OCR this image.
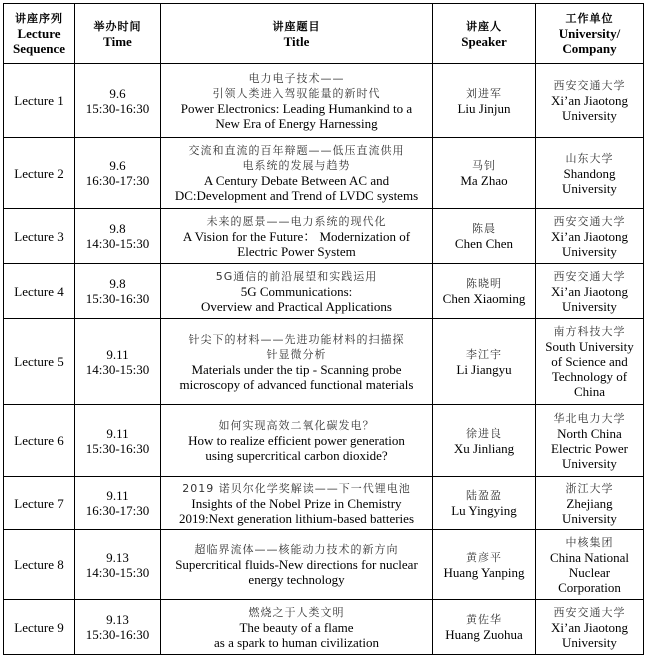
讲座序列
Lecture
Sequence	举办时间
Time	讲座题目
Title	讲座人
Speaker	工作单位
University/
Company

Lecture 1	9.6
15:30-16:30	电力电子技术——
引领人类进入驾驭能量的新时代
Power Electronics: Leading Humankind to a
New Era of Energy Harnessing	刘进军
Liu Jinjun	西安交通大学
Xi’an Jiaotong
University

Lecture 2	9.6
16:30-17:30	交流和直流的百年辩题——低压直流供用
电系统的发展与趋势
A Century Debate Between AC and
DC:Development and Trend of LVDC systems	马钊
Ma Zhao	山东大学
Shandong
University

Lecture 3	9.8
14:30-15:30	未来的愿景——电力系统的现代化
A Vision for the Future： Modernization of
Electric Power System	陈晨
Chen Chen	西安交通大学
Xi’an Jiaotong
University

Lecture 4	9.8
15:30-16:30	5G通信的前沿展望和实践运用
5G Communications:
Overview and Practical Applications	陈晓明
Chen Xiaoming	西安交通大学
Xi’an Jiaotong
University

Lecture 5	9.11
14:30-15:30	针尖下的材料——先进功能材料的扫描探
针显微分析
Materials under the tip - Scanning probe
microscopy of advanced functional materials	李江宇
Li Jiangyu	南方科技大学
South University
of Science and
Technology of
China

Lecture 6	9.11
15:30-16:30	如何实现高效二氧化碳发电？
How to realize efficient power generation
using supercritical carbon dioxide?	徐进良
Xu Jinliang	华北电力大学
North China
Electric Power
University

Lecture 7	9.11
16:30-17:30	2019 诺贝尔化学奖解读——下一代锂电池
Insights of the Nobel Prize in Chemistry
2019:Next generation lithium-based batteries	陆盈盈
Lu Yingying	浙江大学
Zhejiang
University

Lecture 8	9.13
14:30-15:30	超临界流体——核能动力技术的新方向
Supercritical fluids-New directions for nuclear
energy technology	黄彦平
Huang Yanping	中核集团
China National
Nuclear
Corporation

Lecture 9	9.13
15:30-16:30	燃烧之于人类文明
The beauty of a flame
as a spark to human civilization	黄佐华
Huang Zuohua	西安交通大学
Xi’an Jiaotong
University
